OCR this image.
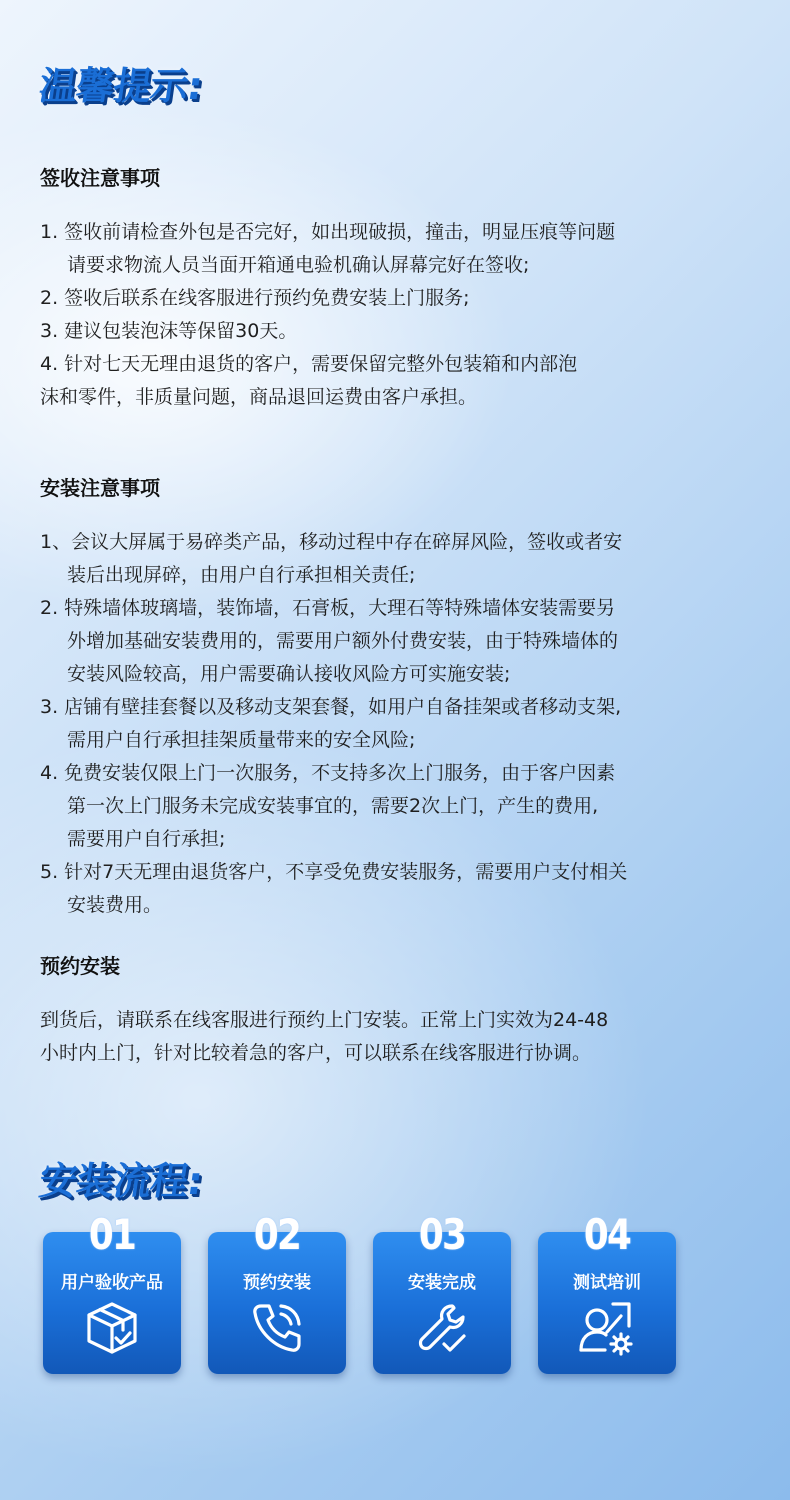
温馨提示:
签收注意事项
1. 签收前请检查外包是否完好，如出现破损，撞击，明显压痕等问题
请要求物流人员当面开箱通电验机确认屏幕完好在签收;
2. 签收后联系在线客服进行预约免费安装上门服务;
3. 建议包装泡沫等保留30天。
4. 针对七天无理由退货的客户，需要保留完整外包装箱和内部泡
沫和零件，非质量问题，商品退回运费由客户承担。
安装注意事项
1、会议大屏属于易碎类产品，移动过程中存在碎屏风险，签收或者安
装后出现屏碎，由用户自行承担相关责任;
2. 特殊墙体玻璃墙，装饰墙，石膏板，大理石等特殊墙体安装需要另
外增加基础安装费用的，需要用户额外付费安装，由于特殊墙体的
安装风险较高，用户需要确认接收风险方可实施安装;
3. 店铺有壁挂套餐以及移动支架套餐，如用户自备挂架或者移动支架,
需用户自行承担挂架质量带来的安全风险;
4. 免费安装仅限上门一次服务，不支持多次上门服务，由于客户因素
第一次上门服务未完成安装事宜的，需要2次上门，产生的费用,
需要用户自行承担;
5. 针对7天无理由退货客户，不享受免费安装服务，需要用户支付相关
安装费用。
预约安装
到货后，请联系在线客服进行预约上门安装。正常上门实效为24-48
小时内上门，针对比较着急的客户，可以联系在线客服进行协调。
安装流程:
01
用户验收产品
02
预约安装
03
安装完成
04
测试培训
